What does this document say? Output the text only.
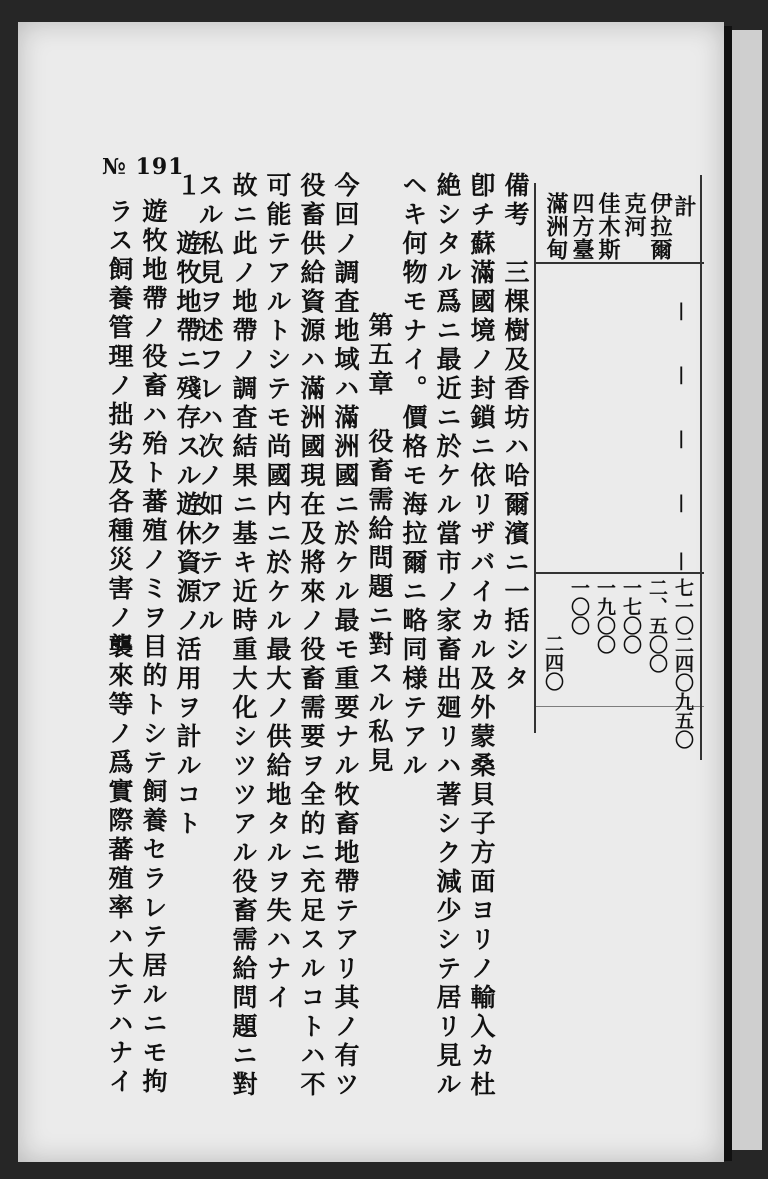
計
伊拉爾
克河
佳木斯
四方臺
滿洲甸
|
|
|
|
|
七一〇二四〇九五〇
二、五〇〇
一七〇〇
一九〇〇
一〇〇
二四〇
備考　三棵樹及香坊ハ哈爾濱ニ一括シタ
卽チ蘇滿國境ノ封鎖ニ依リザバイカル及外蒙桑貝子方面ヨリノ輸入カ杜
絶シタル爲ニ最近ニ於ケル當市ノ家畜出廻リハ著シク減少シテ居リ見ル
ヘキ何物モナイ。價格モ海拉爾ニ略同様テアル
第五章　役畜需給問題ニ對スル私見
今回ノ調査地域ハ滿洲國ニ於ケル最モ重要ナル牧畜地帶テアリ其ノ有ツ
役畜供給資源ハ滿洲國現在及將來ノ役畜需要ヲ全的ニ充足スルコトハ不
可能テアルトシテモ尚國内ニ於ケル最大ノ供給地タルヲ失ハナイ
故ニ此ノ地帶ノ調査結果ニ基キ近時重大化シツツアル役畜需給問題ニ對
スル私見ヲ述フレハ次ノ如クテアル
１　遊牧地帶ニ殘存スル遊休資源ノ活用ヲ計ルコト
遊牧地帶ノ役畜ハ殆ト蕃殖ノミヲ目的トシテ飼養セラレテ居ルニモ拘
ラス飼養管理ノ拙劣及各種災害ノ襲來等ノ爲實際蕃殖率ハ大テハナイ
№ 191
